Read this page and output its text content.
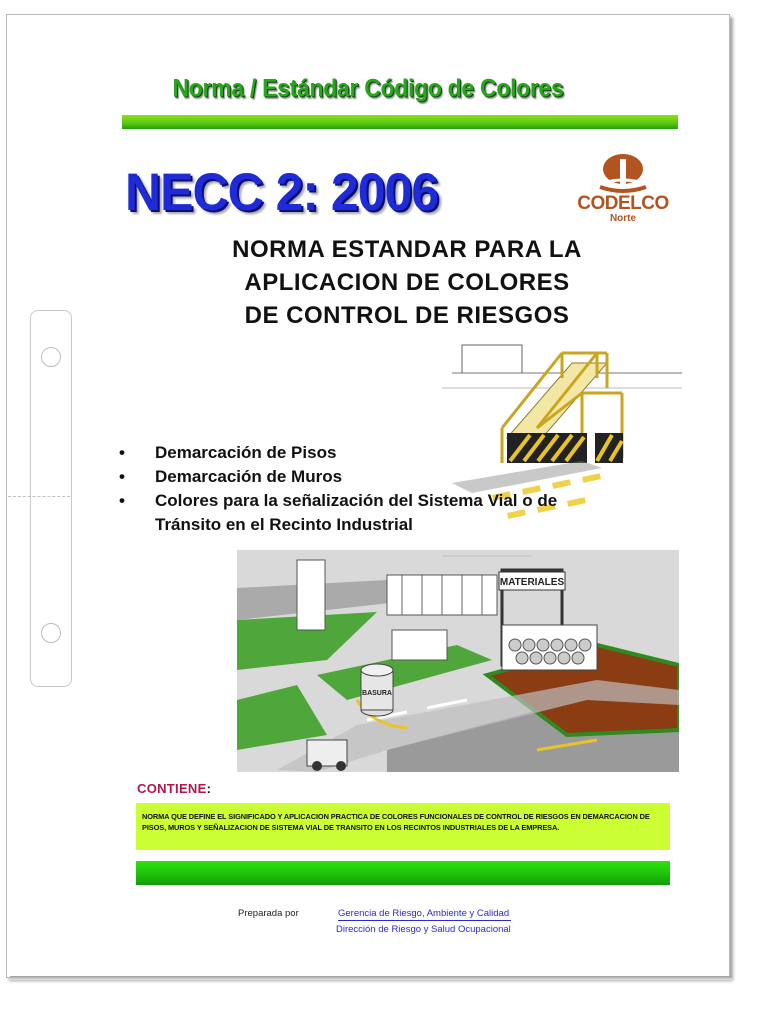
Norma / Estándar Código de Colores
NECC 2: 2006	CODELCO
Norte
NORMA ESTANDAR PARA LA
APLICACION DE COLORES
DE CONTROL DE RIESGOS
• Demarcación de Pisos
• Demarcación de Muros
• Colores para la señalización del Sistema Vial o de Tránsito en el Recinto Industrial
MATERIALES
BASURA
CONTIENE:
NORMA QUE DEFINE EL SIGNIFICADO Y APLICACION PRACTICA DE COLORES FUNCIONALES DE CONTROL DE RIESGOS EN DEMARCACION DE PISOS, MUROS Y SEÑALIZACION DE SISTEMA VIAL DE TRANSITO EN LOS RECINTOS INDUSTRIALES DE LA EMPRESA.
Preparada por	Gerencia de Riesgo, Ambiente y Calidad
Dirección de Riesgo y Salud Ocupacional
